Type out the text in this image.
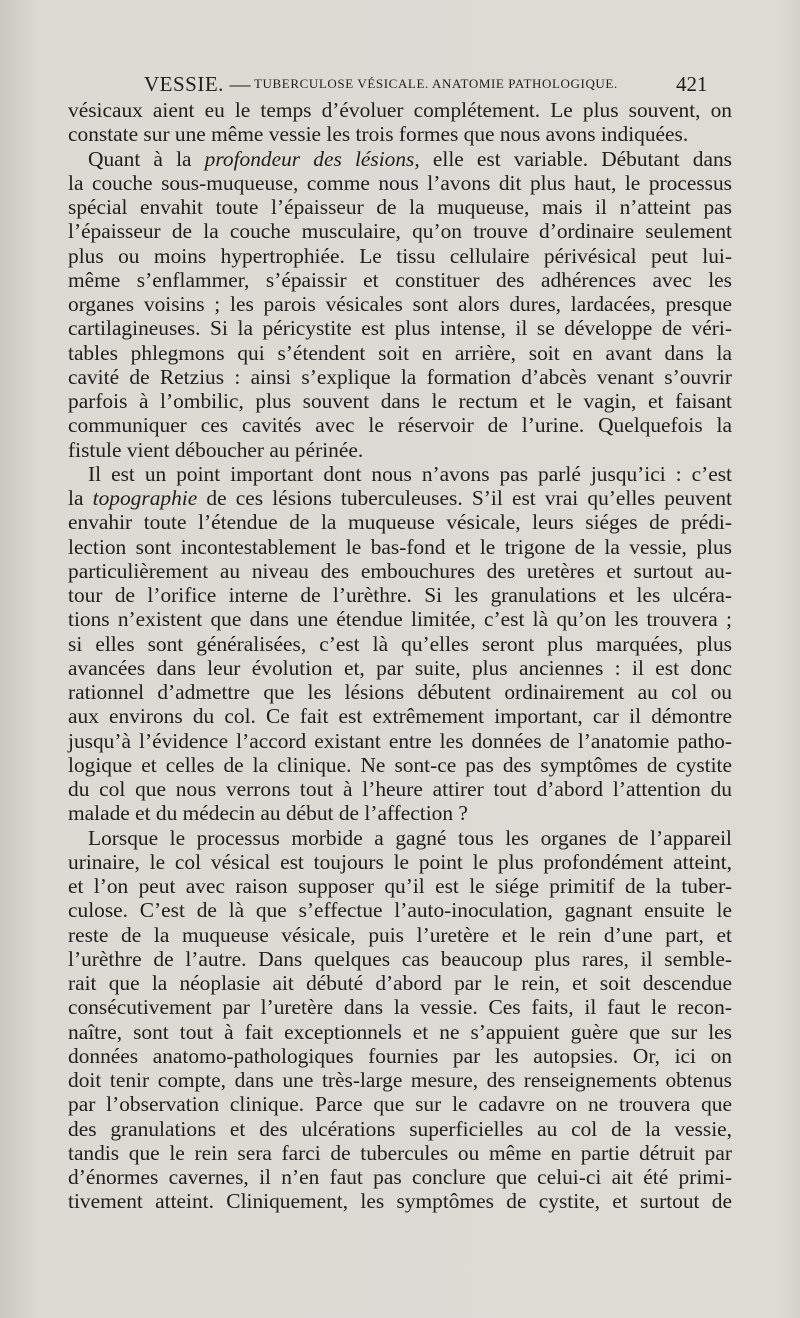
VESSIE. — TUBERCULOSE VÉSICALE. ANATOMIE PATHOLOGIQUE.	421
vésicaux aient eu le temps d’évoluer complétement. Le plus souvent, on
constate sur une même vessie les trois formes que nous avons indiquées.
Quant à la profondeur des lésions, elle est variable. Débutant dans
la couche sous-muqueuse, comme nous l’avons dit plus haut, le processus
spécial envahit toute l’épaisseur de la muqueuse, mais il n’atteint pas
l’épaisseur de la couche musculaire, qu’on trouve d’ordinaire seulement
plus ou moins hypertrophiée. Le tissu cellulaire périvésical peut lui-
même s’enflammer, s’épaissir et constituer des adhérences avec les
organes voisins ; les parois vésicales sont alors dures, lardacées, presque
cartilagineuses. Si la péricystite est plus intense, il se développe de véri-
tables phlegmons qui s’étendent soit en arrière, soit en avant dans la
cavité de Retzius : ainsi s’explique la formation d’abcès venant s’ouvrir
parfois à l’ombilic, plus souvent dans le rectum et le vagin, et faisant
communiquer ces cavités avec le réservoir de l’urine. Quelquefois la
fistule vient déboucher au périnée.
Il est un point important dont nous n’avons pas parlé jusqu’ici : c’est
la topographie de ces lésions tuberculeuses. S’il est vrai qu’elles peuvent
envahir toute l’étendue de la muqueuse vésicale, leurs siéges de prédi-
lection sont incontestablement le bas-fond et le trigone de la vessie, plus
particulièrement au niveau des embouchures des uretères et surtout au-
tour de l’orifice interne de l’urèthre. Si les granulations et les ulcéra-
tions n’existent que dans une étendue limitée, c’est là qu’on les trouvera ;
si elles sont généralisées, c’est là qu’elles seront plus marquées, plus
avancées dans leur évolution et, par suite, plus anciennes : il est donc
rationnel d’admettre que les lésions débutent ordinairement au col ou
aux environs du col. Ce fait est extrêmement important, car il démontre
jusqu’à l’évidence l’accord existant entre les données de l’anatomie patho-
logique et celles de la clinique. Ne sont-ce pas des symptômes de cystite
du col que nous verrons tout à l’heure attirer tout d’abord l’attention du
malade et du médecin au début de l’affection ?
Lorsque le processus morbide a gagné tous les organes de l’appareil
urinaire, le col vésical est toujours le point le plus profondément atteint,
et l’on peut avec raison supposer qu’il est le siége primitif de la tuber-
culose. C’est de là que s’effectue l’auto-inoculation, gagnant ensuite le
reste de la muqueuse vésicale, puis l’uretère et le rein d’une part, et
l’urèthre de l’autre. Dans quelques cas beaucoup plus rares, il semble-
rait que la néoplasie ait débuté d’abord par le rein, et soit descendue
consécutivement par l’uretère dans la vessie. Ces faits, il faut le recon-
naître, sont tout à fait exceptionnels et ne s’appuient guère que sur les
données anatomo-pathologiques fournies par les autopsies. Or, ici on
doit tenir compte, dans une très-large mesure, des renseignements obtenus
par l’observation clinique. Parce que sur le cadavre on ne trouvera que
des granulations et des ulcérations superficielles au col de la vessie,
tandis que le rein sera farci de tubercules ou même en partie détruit par
d’énormes cavernes, il n’en faut pas conclure que celui-ci ait été primi-
tivement atteint. Cliniquement, les symptômes de cystite, et surtout de
